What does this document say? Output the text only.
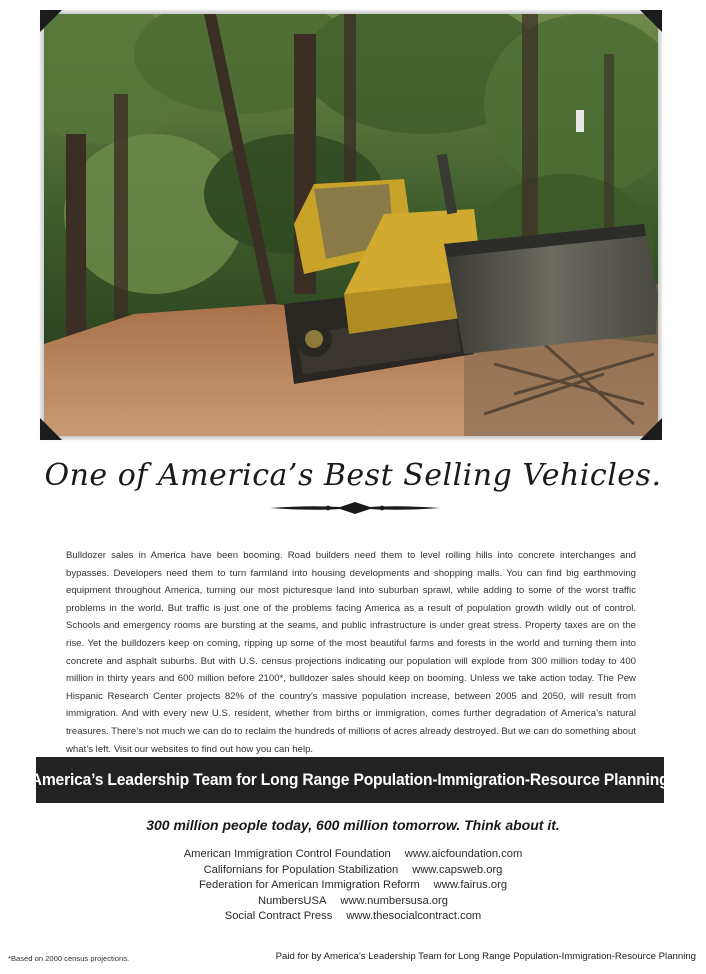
One of America’s Best Selling Vehicles.
Bulldozer sales in America have been booming. Road builders need them to level rolling hills into concrete interchanges and bypasses. Developers need them to turn farmland into housing developments and shopping malls. You can find big earthmoving equipment throughout America, turning our most picturesque land into suburban sprawl, while adding to some of the worst traffic problems in the world. But traffic is just one of the problems facing America as a result of population growth wildly out of control. Schools and emergency rooms are bursting at the seams, and public infrastructure is under great stress. Property taxes are on the rise. Yet the bulldozers keep on coming, ripping up some of the most beautiful farms and forests in the world and turning them into concrete and asphalt suburbs. But with U.S. census projections indicating our population will explode from 300 million today to 400 million in thirty years and 600 million before 2100*, bulldozer sales should keep on booming. Unless we take action today. The Pew Hispanic Research Center projects 82% of the country’s massive population increase, between 2005 and 2050, will result from immigration. And with every new U.S. resident, whether from births or immigration, comes further degradation of America’s natural treasures. There’s not much we can do to reclaim the hundreds of millions of acres already destroyed. But we can do something about what’s left. Visit our websites to find out how you can help.
America’s Leadership Team for Long Range Population-Immigration-Resource Planning
300 million people today, 600 million tomorrow. Think about it.
American Immigration Control Foundation www.aicfoundation.com
Californians for Population Stabilization www.capsweb.org
Federation for American Immigration Reform www.fairus.org
NumbersUSA www.numbersusa.org
Social Contract Press www.thesocialcontract.com
*Based on 2000 census projections.	Paid for by America’s Leadership Team for Long Range Population-Immigration-Resource Planning
